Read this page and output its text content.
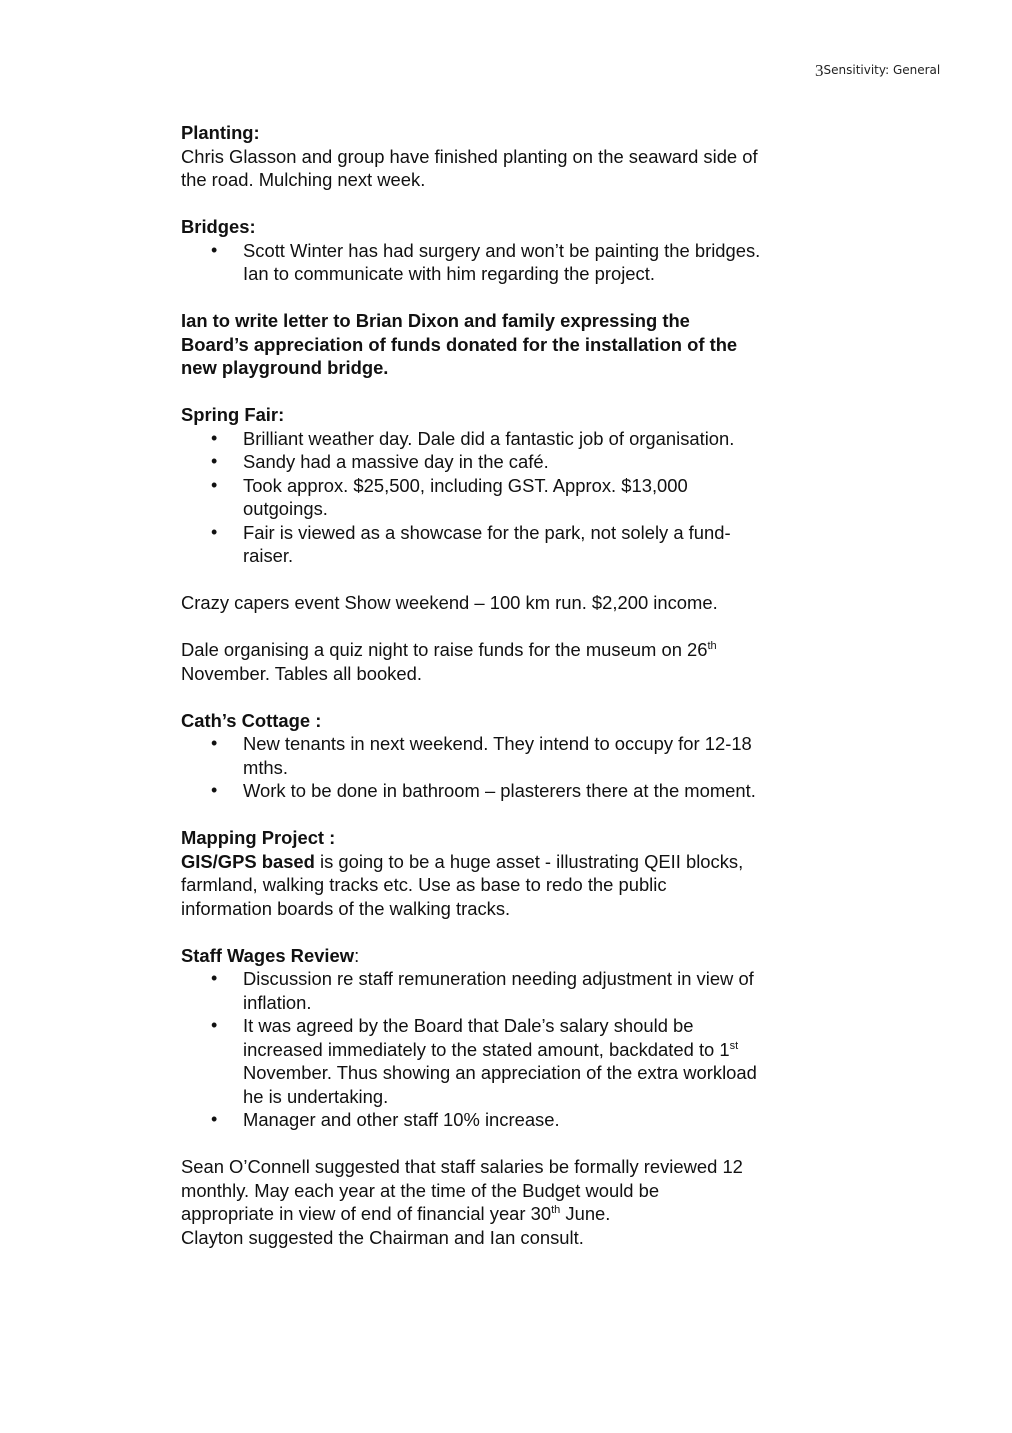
3Sensitivity: General
Planting:
Chris Glasson and group have finished planting on the seaward side of
the road. Mulching next week.
Bridges:
• Scott Winter has had surgery and won’t be painting the bridges.
Ian to communicate with him regarding the project.
Ian to write letter to Brian Dixon and family expressing the
Board’s appreciation of funds donated for the installation of the
new playground bridge.
Spring Fair:
• Brilliant weather day. Dale did a fantastic job of organisation.
• Sandy had a massive day in the café.
• Took approx. $25,500, including GST. Approx. $13,000
outgoings.
• Fair is viewed as a showcase for the park, not solely a fund-
raiser.
Crazy capers event Show weekend – 100 km run. $2,200 income.
Dale organising a quiz night to raise funds for the museum on 26th
November. Tables all booked.
Cath’s Cottage :
• New tenants in next weekend. They intend to occupy for 12-18
mths.
• Work to be done in bathroom – plasterers there at the moment.
Mapping Project :
GIS/GPS based is going to be a huge asset - illustrating QEII blocks,
farmland, walking tracks etc. Use as base to redo the public
information boards of the walking tracks.
Staff Wages Review:
• Discussion re staff remuneration needing adjustment in view of
inflation.
• It was agreed by the Board that Dale’s salary should be
increased immediately to the stated amount, backdated to 1st
November. Thus showing an appreciation of the extra workload
he is undertaking.
• Manager and other staff 10% increase.
Sean O’Connell suggested that staff salaries be formally reviewed 12
monthly. May each year at the time of the Budget would be
appropriate in view of end of financial year 30th June.
Clayton suggested the Chairman and Ian consult.
